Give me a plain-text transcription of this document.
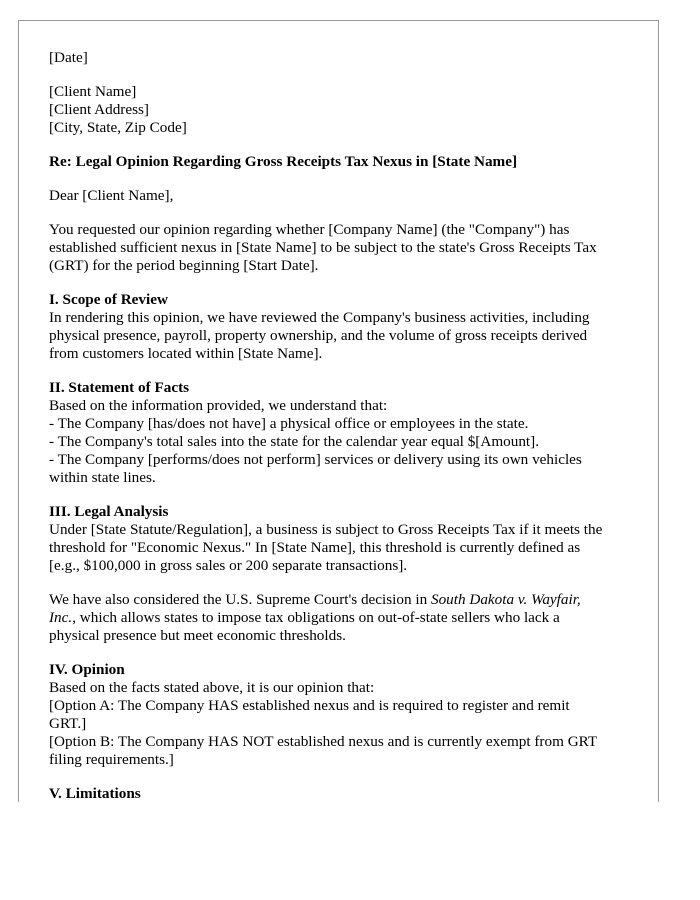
[Date]
[Client Name]
[Client Address]
[City, State, Zip Code]
Re: Legal Opinion Regarding Gross Receipts Tax Nexus in [State Name]
Dear [Client Name],
You requested our opinion regarding whether [Company Name] (the "Company") has
established sufficient nexus in [State Name] to be subject to the state's Gross Receipts Tax
(GRT) for the period beginning [Start Date].
I. Scope of Review
In rendering this opinion, we have reviewed the Company's business activities, including
physical presence, payroll, property ownership, and the volume of gross receipts derived
from customers located within [State Name].
II. Statement of Facts
Based on the information provided, we understand that:
- The Company [has/does not have] a physical office or employees in the state.
- The Company's total sales into the state for the calendar year equal $[Amount].
- The Company [performs/does not perform] services or delivery using its own vehicles
within state lines.
III. Legal Analysis
Under [State Statute/Regulation], a business is subject to Gross Receipts Tax if it meets the
threshold for "Economic Nexus." In [State Name], this threshold is currently defined as
[e.g., $100,000 in gross sales or 200 separate transactions].
We have also considered the U.S. Supreme Court's decision in South Dakota v. Wayfair,
Inc., which allows states to impose tax obligations on out-of-state sellers who lack a
physical presence but meet economic thresholds.
IV. Opinion
Based on the facts stated above, it is our opinion that:
[Option A: The Company HAS established nexus and is required to register and remit
GRT.]
[Option B: The Company HAS NOT established nexus and is currently exempt from GRT
filing requirements.]
V. Limitations
